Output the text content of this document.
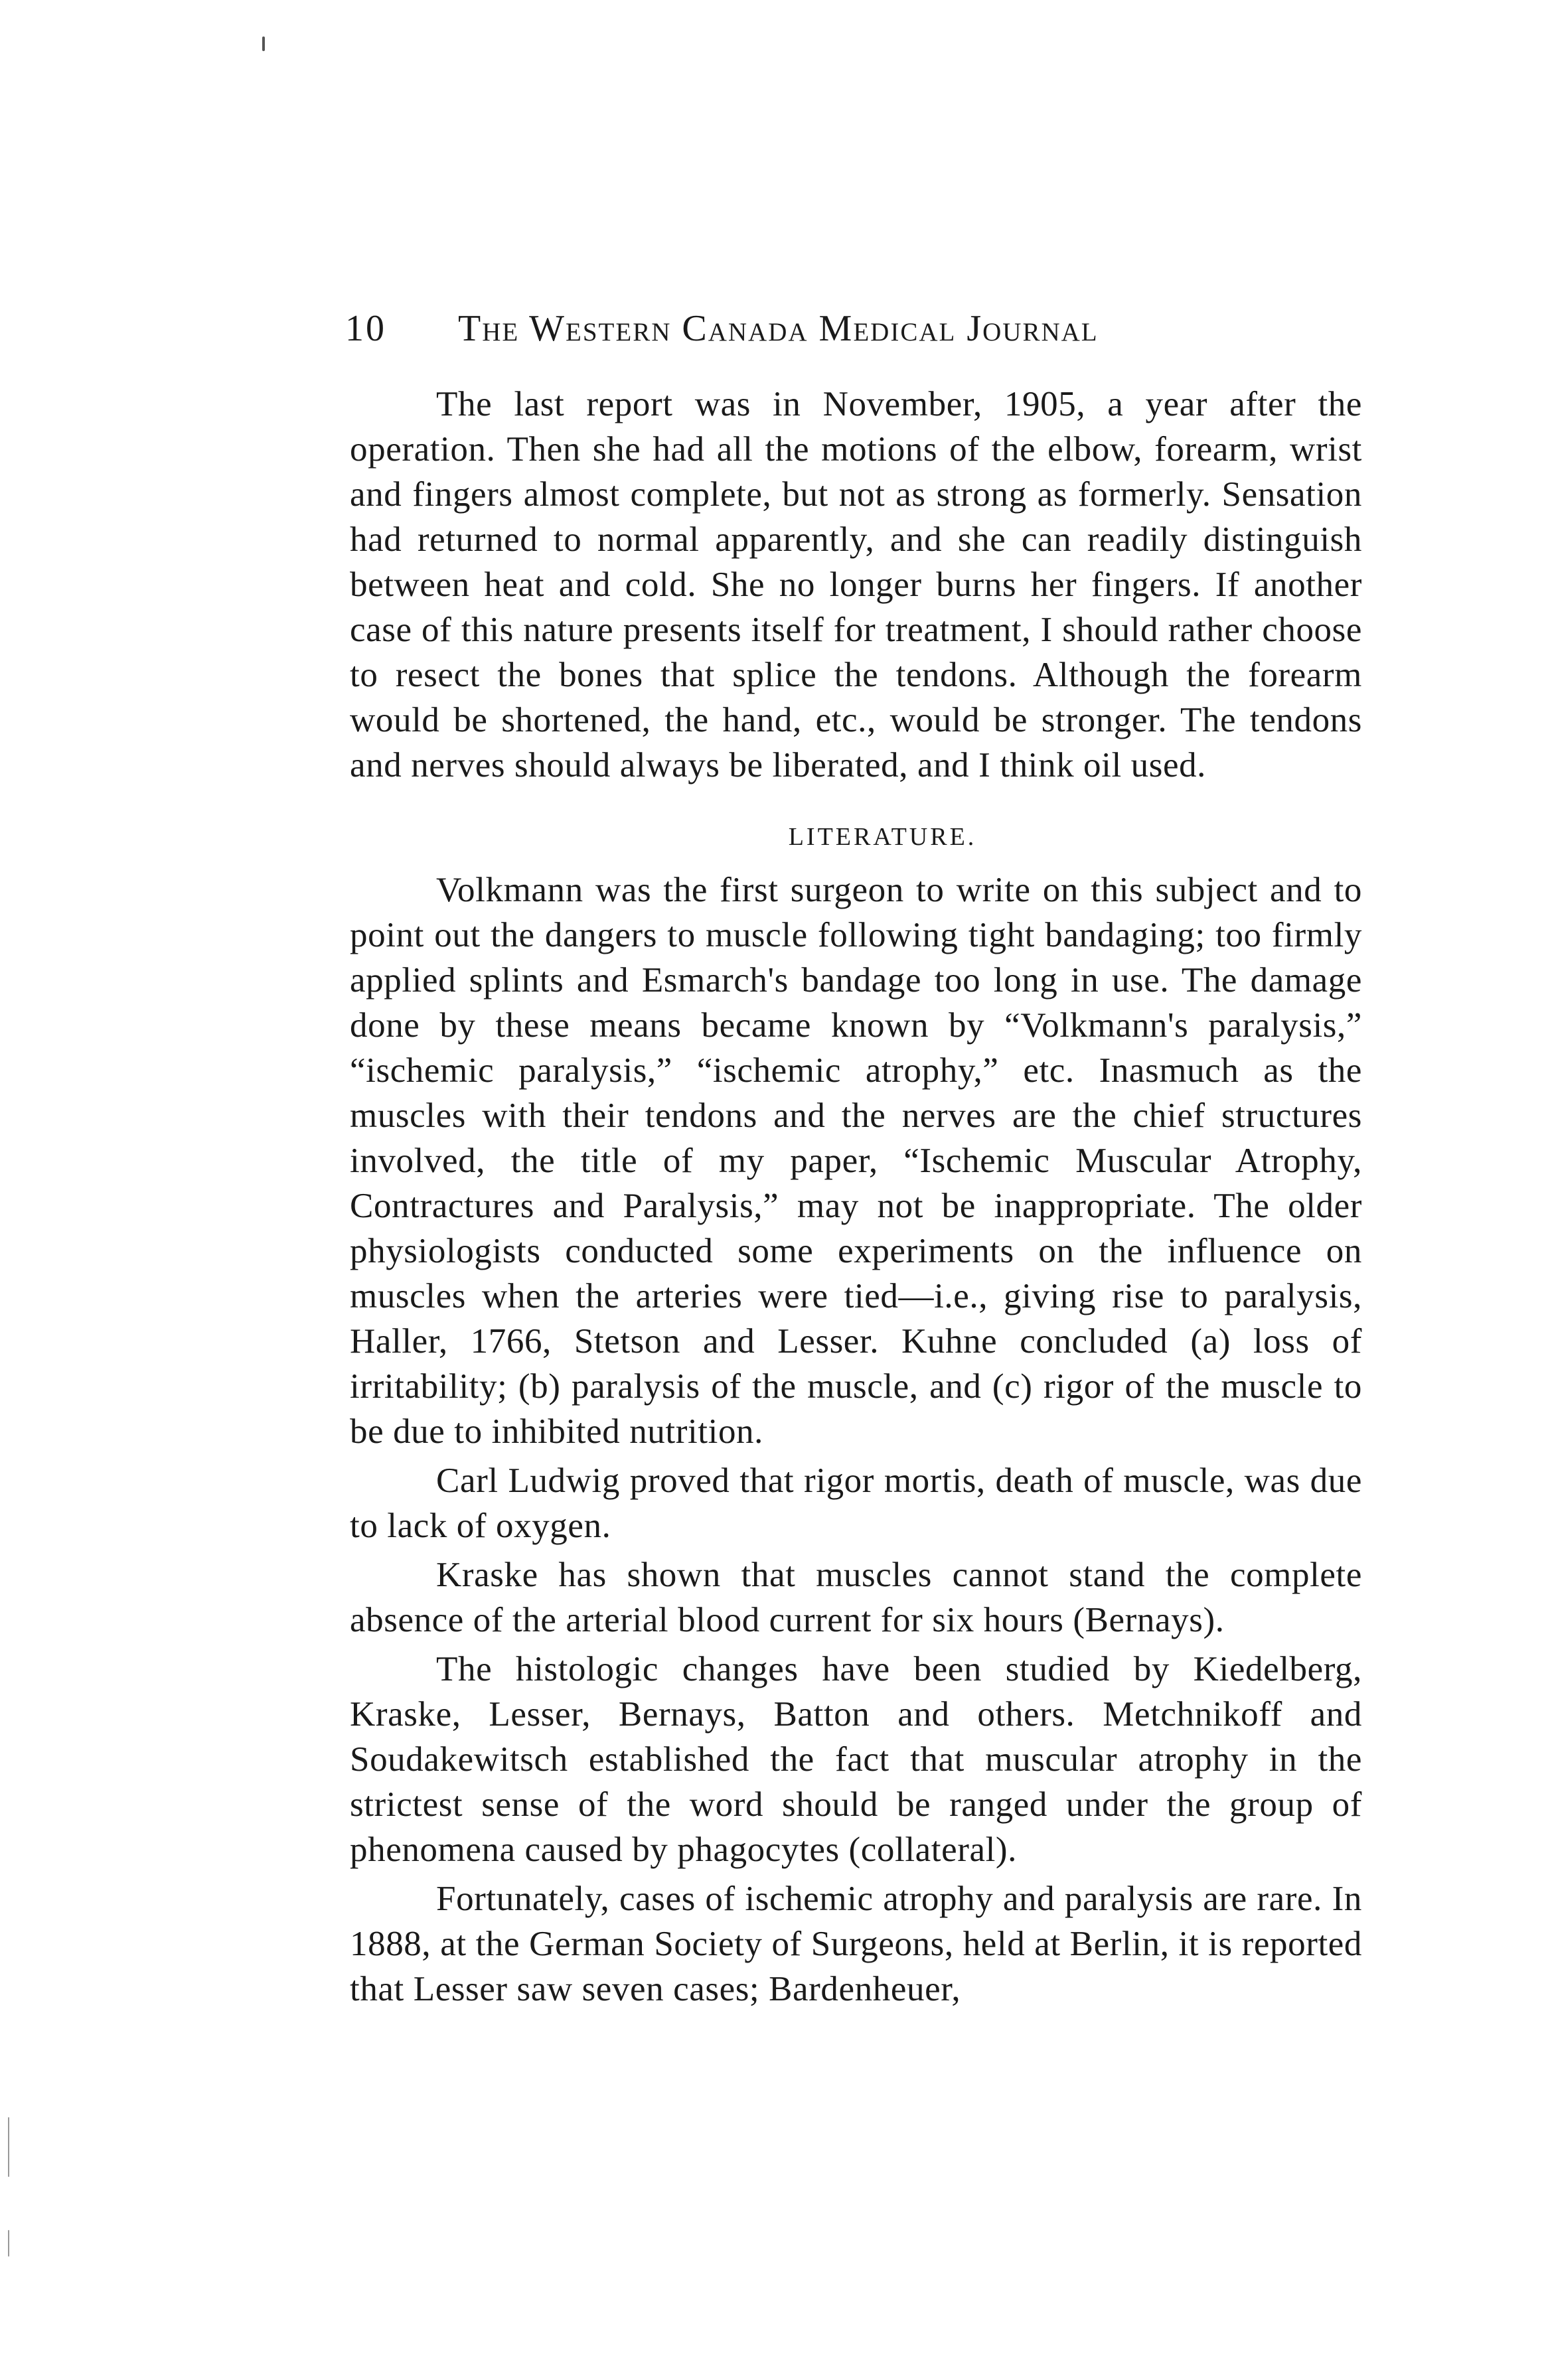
10 The Western Canada Medical Journal

The last report was in November, 1905, a year after the operation. Then she had all the motions of the elbow, forearm, wrist and fingers almost complete, but not as strong as formerly. Sensation had returned to normal apparently, and she can readily distinguish between heat and cold. She no longer burns her fingers. If another case of this nature presents itself for treatment, I should rather choose to resect the bones that splice the tendons. Although the forearm would be shortened, the hand, etc., would be stronger. The tendons and nerves should always be liberated, and I think oil used.

LITERATURE.

Volkmann was the first surgeon to write on this subject and to point out the dangers to muscle following tight bandaging; too firmly applied splints and Esmarch's bandage too long in use. The damage done by these means became known by “Volkmann's paralysis,” “ischemic paralysis,” “ischemic atrophy,” etc. Inasmuch as the muscles with their tendons and the nerves are the chief structures involved, the title of my paper, “Ischemic Muscular Atrophy, Contractures and Paralysis,” may not be inappropriate. The older physiologists conducted some experiments on the influence on muscles when the arteries were tied—i.e., giving rise to paralysis, Haller, 1766, Stetson and Lesser. Kuhne concluded (a) loss of irritability; (b) paralysis of the muscle, and (c) rigor of the muscle to be due to inhibited nutrition.

Carl Ludwig proved that rigor mortis, death of muscle, was due to lack of oxygen.

Kraske has shown that muscles cannot stand the complete absence of the arterial blood current for six hours (Bernays).

The histologic changes have been studied by Kiedelberg, Kraske, Lesser, Bernays, Batton and others. Metchnikoff and Soudakewitsch established the fact that muscular atrophy in the strictest sense of the word should be ranged under the group of phenomena caused by phagocytes (collateral).

Fortunately, cases of ischemic atrophy and paralysis are rare. In 1888, at the German Society of Surgeons, held at Berlin, it is reported that Lesser saw seven cases; Bardenheuer,
